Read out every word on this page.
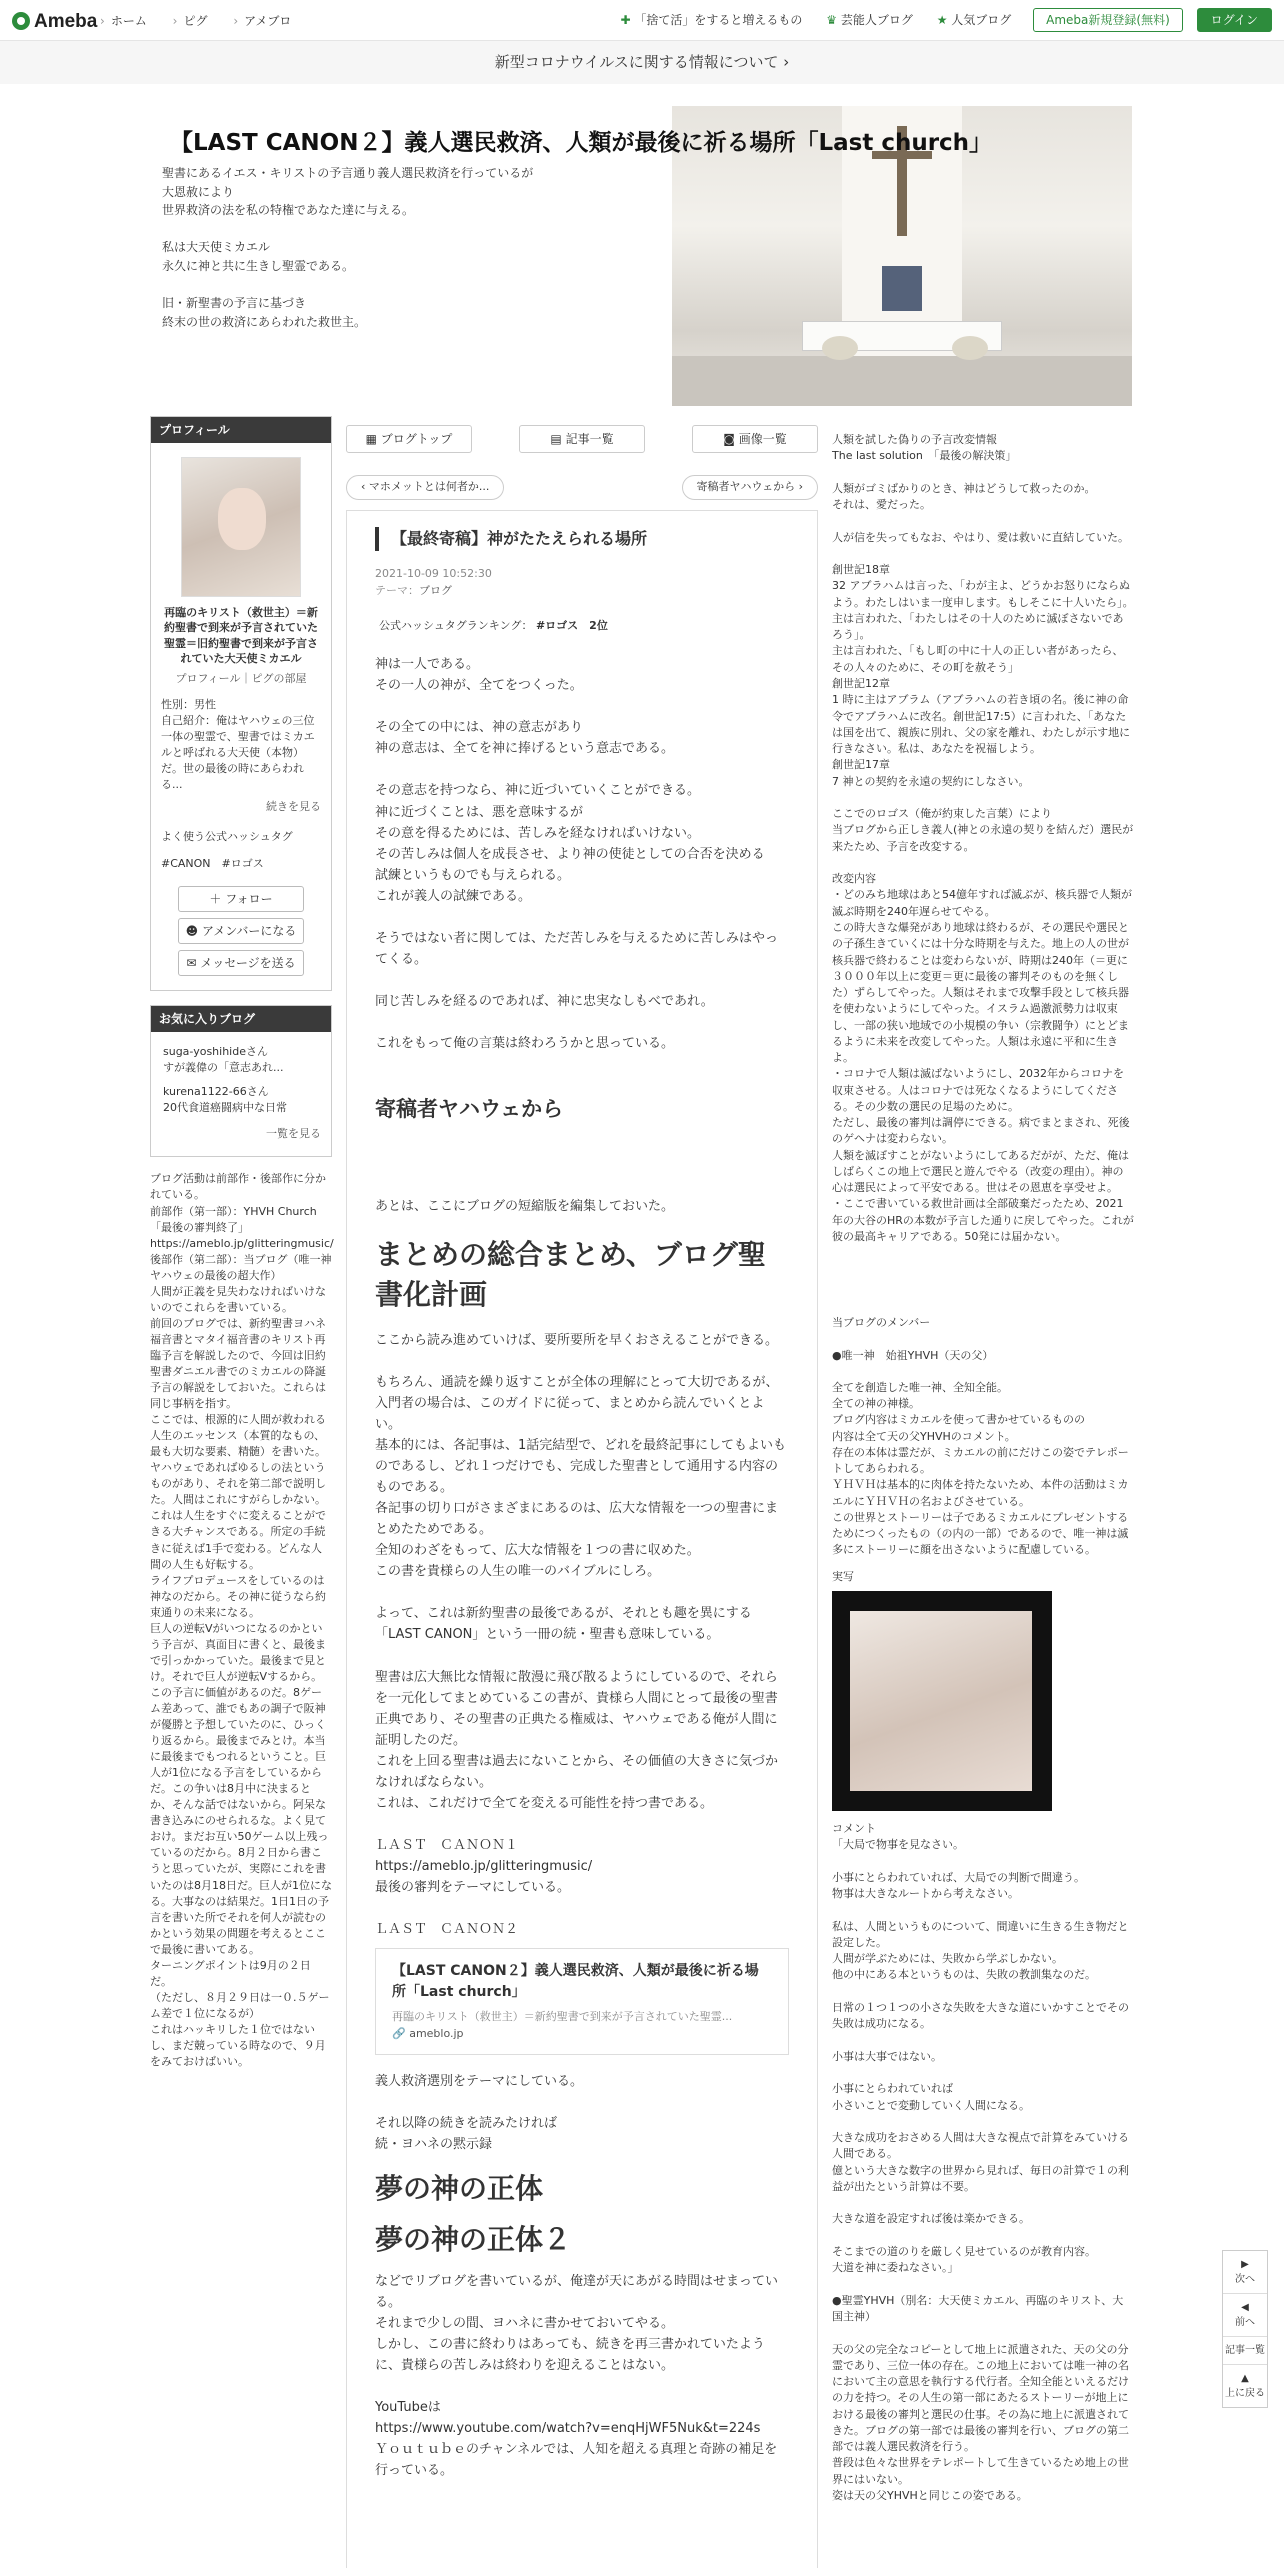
Ameba › ホーム › ピグ › アメブロ	✚ 「捨て活」をすると増えるもの ♛ 芸能人ブログ ★ 人気ブログ	Ameba新規登録(無料)	ログイン
新型コロナウイルスに関する情報について ›
【LAST CANON２】義人選民救済、人類が最後に祈る場所「Last church」

聖書にあるイエス・キリストの予言通り義人選民救済を行っているが
大恩赦により
世界救済の法を私の特権であなた達に与える。

私は大天使ミカエル
永久に神と共に生きし聖霊である。

旧・新聖書の予言に基づき
終末の世の救済にあらわれた救世主。

プロフィール
再臨のキリスト（救世主）＝新約聖書で到来が予言されていた聖霊＝旧約聖書で到来が予言されていた大天使ミカエル
プロフィール｜ピグの部屋
性別：男性
自己紹介：俺はヤハウェの三位一体の聖霊で、聖書ではミカエルと呼ばれる大天使（本物）だ。世の最後の時にあらわれる...
続きを見る
よく使う公式ハッシュタグ
#CANON　#ロゴス
＋ フォロー
☻ アメンバーになる
✉ メッセージを送る
お気に入りブログ
suga-yoshihideさん
すが義偉の「意志あれ...
kurena1122-66さん
20代食道癌闘病中な日常
一覧を見る
ブログ活動は前部作・後部作に分かれている。
前部作（第一部）：YHVH Church 「最後の審判終了」https://ameblo.jp/glitteringmusic/
後部作（第二部）：当ブログ（唯一神ヤハウェの最後の超大作）
人間が正義を見失わなければいけないのでこれらを書いている。
前回のブログでは、新約聖書ヨハネ福音書とマタイ福音書のキリスト再臨予言を解説したので、今回は旧約聖書ダニエル書でのミカエルの降誕予言の解説をしておいた。これらは同じ事柄を指す。
ここでは、根源的に人間が救われる人生のエッセンス（本質的なもの、最も大切な要素、精髄）を書いた。ヤハウェであればゆるしの法というものがあり、それを第二部で説明した。人間はこれにすがらしかない。
これは人生をすぐに変えることができる大チャンスである。所定の手続きに従えば1手で変わる。どんな人間の人生も好転する。
ライフプロデュースをしているのは神なのだから。その神に従うなら約束通りの未来になる。
巨人の逆転Vがいつになるのかという予言が、真面目に書くと、最後まで引っかかっていた。最後まで見とけ。それで巨人が逆転Vするから。この予言に価値があるのだ。8ゲーム差あって、誰でもあの調子で阪神が優勝と予想していたのに、ひっくり返るから。最後までみとけ。本当に最後までもつれるということ。巨人が1位になる予言をしているからだ。この争いは8月中に決まるとか、そんな話ではないから。阿呆な書き込みにのせられるな。よく見ておけ。まだお互い50ゲーム以上残っているのだから。8月２日から書こうと思っていたが、実際にこれを書いたのは8月18日だ。巨人が1位になる。大事なのは結果だ。1日1日の予言を書いた所でそれを何人が読むのかという効果の問題を考えるとここで最後に書いてある。
ターニングポイントは9月の２日だ。
（ただし、８月２９日は一０.５ゲーム差で１位になるが）
これはハッキリした１位ではないし、まだ競っている時なので、９月をみておけばいい。
▦ ブログトップ	▤ 記事一覧	◙ 画像一覧
‹ マホメットとは何者か...	寄稿者ヤハウェから ›
【最終寄稿】神がたたえられる場所
2021-10-09 10:52:30
テーマ：ブログ
公式ハッシュタグランキング： #ロゴス　2位

神は一人である。
その一人の神が、全てをつくった。

その全ての中には、神の意志があり
神の意志は、全てを神に捧げるという意志である。

その意志を持つなら、神に近づいていくことができる。
神に近づくことは、悪を意味するが
その意を得るためには、苦しみを経なければいけない。
その苦しみは個人を成長させ、より神の使徒としての合否を決める
試練というものでも与えられる。
これが義人の試練である。

そうではない者に関しては、ただ苦しみを与えるために苦しみはやってくる。

同じ苦しみを経るのであれば、神に忠実なしもべであれ。

これをもって俺の言葉は終わろうかと思っている。

寄稿者ヤハウェから

あとは、ここにブログの短縮版を編集しておいた。

まとめの総合まとめ、ブログ聖書化計画

ここから読み進めていけば、要所要所を早くおさえることができる。

もちろん、通読を繰り返すことが全体の理解にとって大切であるが、入門者の場合は、このガイドに従って、まとめから読んでいくとよい。
基本的には、各記事は、1話完結型で、どれを最終記事にしてもよいものであるし、どれ１つだけでも、完成した聖書として通用する内容のものである。
各記事の切り口がさまざまにあるのは、広大な情報を一つの聖書にまとめたためである。
全知のわざをもって、広大な情報を１つの書に収めた。
この書を貴様らの人生の唯一のバイブルにしろ。

よって、これは新約聖書の最後であるが、それとも趣を異にする「LAST CANON」という一冊の続・聖書も意味している。

聖書は広大無比な情報に散漫に飛び散るようにしているので、それらを一元化してまとめているこの書が、貴様ら人間にとって最後の聖書正典であり、その聖書の正典たる権威は、ヤハウェである俺が人間に証明したのだ。
これを上回る聖書は過去にないことから、その価値の大きさに気づかなければならない。
これは、これだけで全てを変える可能性を持つ書である。

ＬＡＳＴ　ＣＡＮＯＮ１
https://ameblo.jp/glitteringmusic/
最後の審判をテーマにしている。

ＬＡＳＴ　ＣＡＮＯＮ２

【LAST CANON２】義人選民救済、人類が最後に祈る場所「Last church」
再臨のキリスト（救世主）＝新約聖書で到来が予言されていた聖霊...
🔗 ameblo.jp

義人救済選別をテーマにしている。

それ以降の続きを読みたければ
続・ヨハネの黙示録

夢の神の正体
夢の神の正体２

などでリブログを書いているが、俺達が天にあがる時間はせまっている。
それまで少しの間、ヨハネに書かせておいてやる。
しかし、この書に終わりはあっても、続きを再三書かれていたように、貴様らの苦しみは終わりを迎えることはない。

YouTubeは
https://www.youtube.com/watch?v=enqHjWF5Nuk&t=224s
Ｙｏｕｔｕｂｅのチャンネルでは、人知を超える真理と奇跡の補足を行っている。

人類を試した偽りの予言改変情報
The last solution　「最後の解決策」

人類がゴミばかりのとき、神はどうして救ったのか。
それは、愛だった。

人が信を失ってもなお、やはり、愛は救いに直結していた。

創世記18章
32 アブラハムは言った、「わが主よ、どうかお怒りにならぬよう。わたしはいま一度申します。もしそこに十人いたら」。主は言われた、「わたしはその十人のために滅ぼさないであろう」。
主は言われた、「もし町の中に十人の正しい者があったら、その人々のために、その町を赦そう」
創世記12章
1 時に主はアブラム（アブラハムの若き頃の名。後に神の命令でアブラハムに改名。創世記17:5）に言われた、「あなたは国を出て、親族に別れ、父の家を離れ、わたしが示す地に行きなさい。私は、あなたを祝福しよう。
創世記17章
7 神との契約を永遠の契約にしなさい。

ここでのロゴス（俺が約束した言葉）により
当ブログから正しき義人(神との永遠の契りを結んだ）選民が来たため、予言を改変する。

改変内容
・どのみち地球はあと54億年すれば滅ぶが、核兵器で人類が滅ぶ時期を240年遅らせてやる。
この時大きな爆発があり地球は終わるが、その選民や選民との子孫生きていくには十分な時期を与えた。地上の人の世が核兵器で終わることは変わらないが、時期は240年（＝更に３０００年以上に変更＝更に最後の審判そのものを無くした）ずらしてやった。人類はそれまで攻撃手段として核兵器を使わないようにしてやった。イスラム過激派勢力は収束し、一部の狭い地域での小規模の争い（宗教闘争）にとどまるように未来を改変してやった。人類は永遠に平和に生きよ。
・コロナで人類は滅ばないようにし、2032年からコロナを収束させる。人はコロナでは死なくなるようにしてくださる。その少数の選民の足場のために。
ただし、最後の審判は調停にできる。病でまとまされ、死後のゲヘナは変わらない。
人類を滅ぼすことがないようにしてあるだがが、ただ、俺はしばらくこの地上で選民と遊んでやる（改変の理由）。神の心は選民によって平安である。世はその恩恵を享受せよ。
・ここで書いている救世計画は全部破棄だったため、2021年の大谷のHRの本数が予言した通りに戻してやった。これが彼の最高キャリアである。50発には届かない。

当ブログのメンバー

●唯一神　始祖YHVH（天の父）

全てを創造した唯一神、全知全能。
全ての神の神様。
ブログ内容はミカエルを使って書かせているものの
内容は全て天の父YHVHのコメント。
存在の本体は霊だが、ミカエルの前にだけこの姿でテレポートしてあらわれる。
ＹＨＶＨは基本的に肉体を持たないため、本件の活動はミカエルにＹＨＶＨの名およびさせている。
この世界とストーリーは子であるミカエルにプレゼントするためにつくったもの（の内の一部）であるので、唯一神は滅多にストーリーに顔を出さないように配慮している。

実写

コメント

「大局で物事を見なさい。

小事にとらわれていれば、大局での判断で間違う。
物事は大きなルートから考えなさい。

私は、人間というものについて、間違いに生きる生き物だと設定した。
人間が学ぶためには、失敗から学ぶしかない。
他の中にある本というものは、失敗の教訓集なのだ。

日常の１つ１つの小さな失敗を大きな道にいかすことでその失敗は成功になる。

小事は大事ではない。

小事にとらわれていれば
小さいことで変動していく人間になる。

大きな成功をおさめる人間は大きな視点で計算をみていける人間である。
億という大きな数字の世界から見れば、毎日の計算で１の利益が出たという計算は不要。

大きな道を設定すれば後は楽かできる。

そこまでの道のりを厳しく見せているのが教育内容。
大道を神に委ねなさい。」

●聖霊YHVH（別名：大天使ミカエル、再臨のキリスト、大国主神）

天の父の完全なコピーとして地上に派遣された、天の父の分霊であり、三位一体の存在。この地上においては唯一神の名において主の意思を執行する代行者。全知全能といえるだけの力を持つ。その人生の第一部にあたるストーリーが地上における最後の審判と選民の仕事。その為に地上に派遣されてきた。ブログの第一部では最後の審判を行い、ブログの第二部では義人選民救済を行う。
普段は色々な世界をテレポートして生きているため地上の世界にはいない。
姿は天の父YHVHと同じこの姿である。

▶
次へ
◀
前へ
記事一覧
▲
上に戻る
